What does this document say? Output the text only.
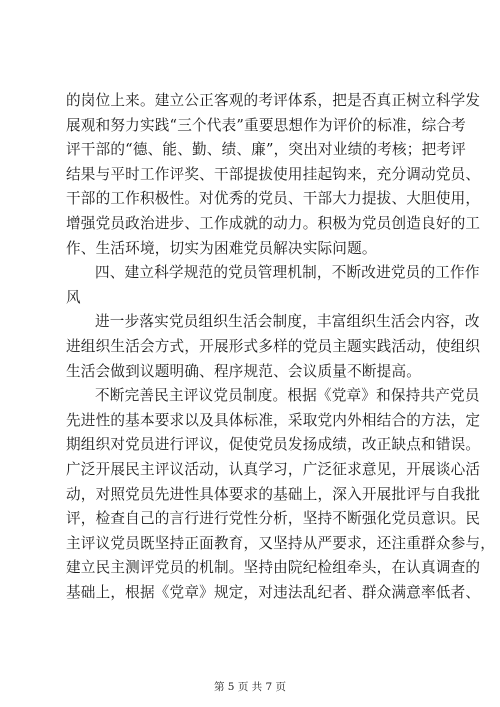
的岗位上来。建立公正客观的考评体系，把是否真正树立科学发
展观和努力实践“三个代表”重要思想作为评价的标准，综合考
评干部的“德、能、勤、绩、廉”，突出对业绩的考核；把考评
结果与平时工作评奖、干部提拔使用挂起钩来，充分调动党员、
干部的工作积极性。对优秀的党员、干部大力提拔、大胆使用，
增强党员政治进步、工作成就的动力。积极为党员创造良好的工
作、生活环境，切实为困难党员解决实际问题。
四、建立科学规范的党员管理机制，不断改进党员的工作作
风
进一步落实党员组织生活会制度，丰富组织生活会内容，改
进组织生活会方式，开展形式多样的党员主题实践活动，使组织
生活会做到议题明确、程序规范、会议质量不断提高。
不断完善民主评议党员制度。根据《党章》和保持共产党员
先进性的基本要求以及具体标准，采取党内外相结合的方法，定
期组织对党员进行评议，促使党员发扬成绩，改正缺点和错误。
广泛开展民主评议活动，认真学习，广泛征求意见，开展谈心活
动，对照党员先进性具体要求的基础上，深入开展批评与自我批
评，检查自己的言行进行党性分析，坚持不断强化党员意识。民
主评议党员既坚持正面教育，又坚持从严要求，还注重群众参与，
建立民主测评党员的机制。坚持由院纪检组牵头，在认真调查的
基础上，根据《党章》规定，对违法乱纪者、群众满意率低者、
第 5 页 共 7 页
